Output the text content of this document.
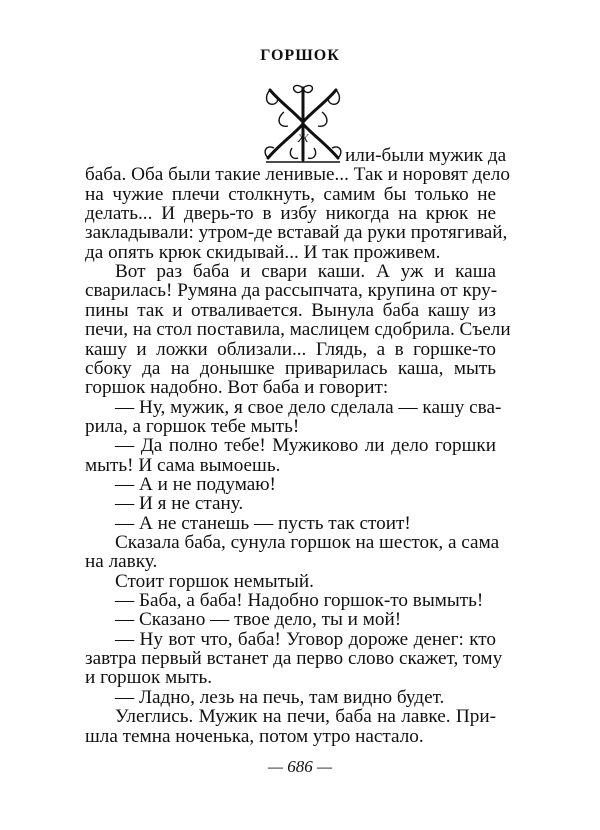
ГОРШОК
Ж
или-были мужик да
баба. Оба были такие ленивые... Так и норовят дело
на чужие плечи столкнуть, самим бы только не
делать... И дверь-то в избу никогда на крюк не
закладывали: утром-де вставай да руки протягивай,
да опять крюк скидывай... И так проживем.
Вот раз баба и свари каши. А уж и каша
сварилась! Румяна да рассыпчата, крупина от кру-
пины так и отваливается. Вынула баба кашу из
печи, на стол поставила, маслицем сдобрила. Съели
кашу и ложки облизали... Глядь, а в горшке-то
сбоку да на донышке приварилась каша, мыть
горшок надобно. Вот баба и говорит:
— Ну, мужик, я свое дело сделала — кашу сва-
рила, а горшок тебе мыть!
— Да полно тебе! Мужиково ли дело горшки
мыть! И сама вымоешь.
— А и не подумаю!
— И я не стану.
— А не станешь — пусть так стоит!
Сказала баба, сунула горшок на шесток, а сама
на лавку.
Стоит горшок немытый.
— Баба, а баба! Надобно горшок-то вымыть!
— Сказано — твое дело, ты и мой!
— 686 —
— Ну вот что, баба! Уговор дороже денег: кто
завтра первый встанет да перво слово скажет, тому
и горшок мыть.
— Ладно, лезь на печь, там видно будет.
Улеглись. Мужик на печи, баба на лавке. При-
шла темна ноченька, потом утро настало.
